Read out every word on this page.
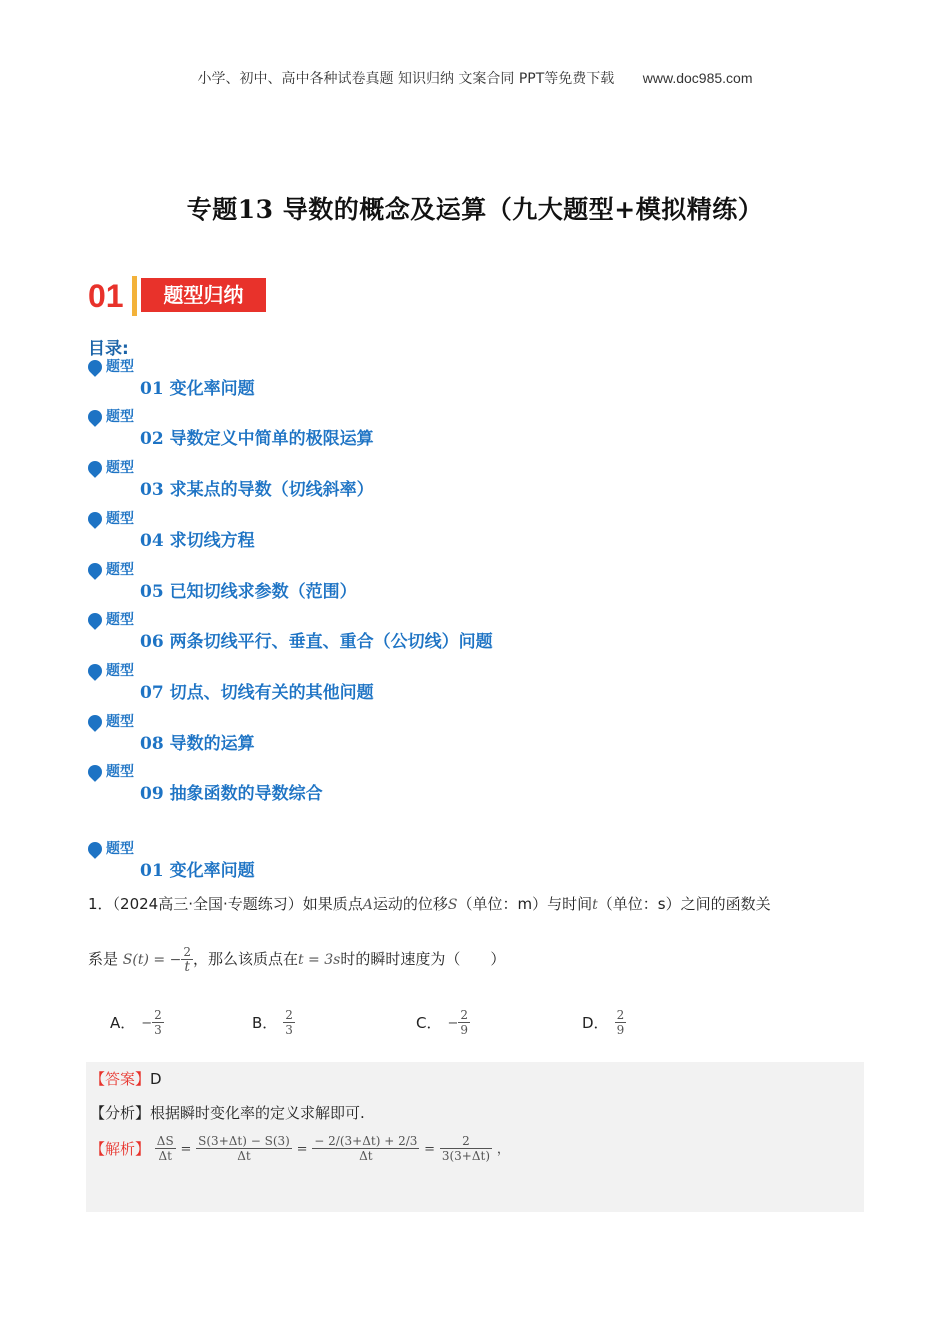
小学、初中、高中各种试卷真题 知识归纳 文案合同 PPT等免费下载 www.doc985.com
专题13 导数的概念及运算（九大题型+模拟精练）
01	题型归纳
目录:
题型
01 变化率问题
题型
02 导数定义中简单的极限运算
题型
03 求某点的导数（切线斜率）
题型
04 求切线方程
题型
05 已知切线求参数（范围）
题型
06 两条切线平行、垂直、重合（公切线）问题
题型
07 切点、切线有关的其他问题
题型
08 导数的运算
题型
09 抽象函数的导数综合
题型
01 变化率问题
1．（2024高三·全国·专题练习）如果质点A运动的位移S（单位：m）与时间t（单位：s）之间的函数关
系是 S(t) = − $\frac{2}{t}$ ，那么该质点在t = 3s时的瞬时速度为（　　）
A． − $\frac{2}{3}$	B． $\frac{2}{3}$	C． − $\frac{2}{9}$	D． $\frac{2}{9}$
【答案】D
【分析】根据瞬时变化率的定义求解即可.
【解析】 $\frac{\Delta S}{\Delta t} = \frac{S(3+\Delta t) - S(3)}{\Delta t} = \frac{- 2/(3+\Delta t) + 2/3}{\Delta t} = \frac{2}{3(3+\Delta t)}$ ，
